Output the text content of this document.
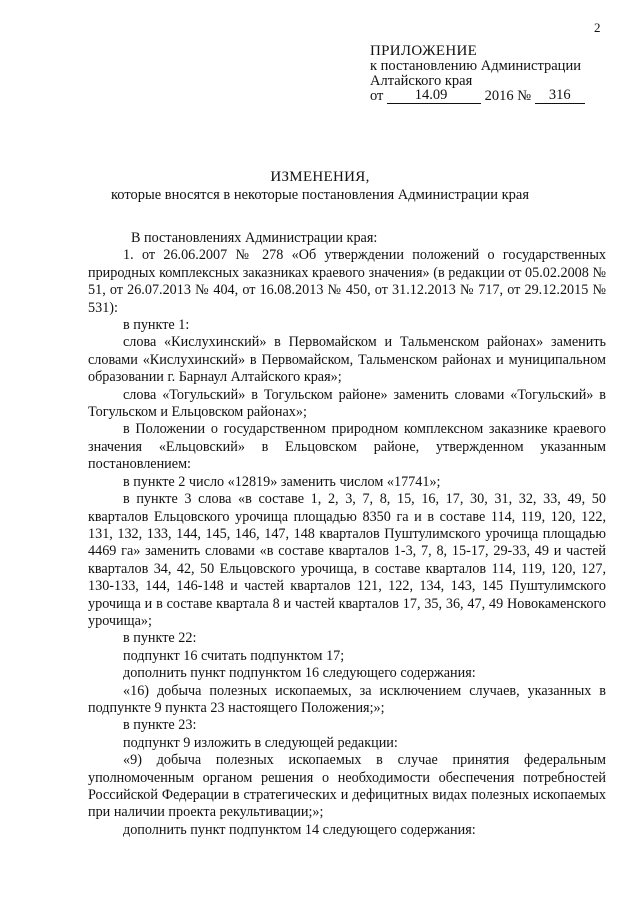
2
ПРИЛОЖЕНИЕ
к постановлению Администрации
Алтайского края
от 14.09	2016 № 316
ИЗМЕНЕНИЯ,
которые вносятся в некоторые постановления Администрации края

В постановлениях Администрации края:

1. от 26.06.2007 № 278 «Об утверждении положений о государственных природных комплексных заказниках краевого значения» (в редакции от 05.02.2008 № 51, от 26.07.2013 № 404, от 16.08.2013 № 450, от 31.12.2013 № 717, от 29.12.2015 № 531):

в пункте 1:

слова «Кислухинский» в Первомайском и Тальменском районах» заменить словами «Кислухинский» в Первомайском, Тальменском районах и муниципальном образовании г. Барнаул Алтайского края»;

слова «Тогульский» в Тогульском районе» заменить словами «Тогульский» в Тогульском и Ельцовском районах»;

в Положении о государственном природном комплексном заказнике краевого значения «Ельцовский» в Ельцовском районе, утвержденном указанным постановлением:

в пункте 2 число «12819» заменить числом «17741»;

в пункте 3 слова «в составе 1, 2, 3, 7, 8, 15, 16, 17, 30, 31, 32, 33, 49, 50 кварталов Ельцовского урочища площадью 8350 га и в составе 114, 119, 120, 122, 131, 132, 133, 144, 145, 146, 147, 148 кварталов Пуштулимского урочища площадью 4469 га» заменить словами «в составе кварталов 1-3, 7, 8, 15-17, 29-33, 49 и частей кварталов 34, 42, 50 Ельцовского урочища, в составе кварталов 114, 119, 120, 127, 130-133, 144, 146-148 и частей кварталов 121, 122, 134, 143, 145 Пуштулимского урочища и в составе квартала 8 и частей кварталов 17, 35, 36, 47, 49 Новокаменского урочища»;

в пункте 22:

подпункт 16 считать подпунктом 17;

дополнить пункт подпунктом 16 следующего содержания:

«16) добыча полезных ископаемых, за исключением случаев, указанных в подпункте 9 пункта 23 настоящего Положения;»;

в пункте 23:

подпункт 9 изложить в следующей редакции:

«9) добыча полезных ископаемых в случае принятия федеральным уполномоченным органом решения о необходимости обеспечения потребностей Российской Федерации в стратегических и дефицитных видах полезных ископаемых при наличии проекта рекультивации;»;

дополнить пункт подпунктом 14 следующего содержания:
